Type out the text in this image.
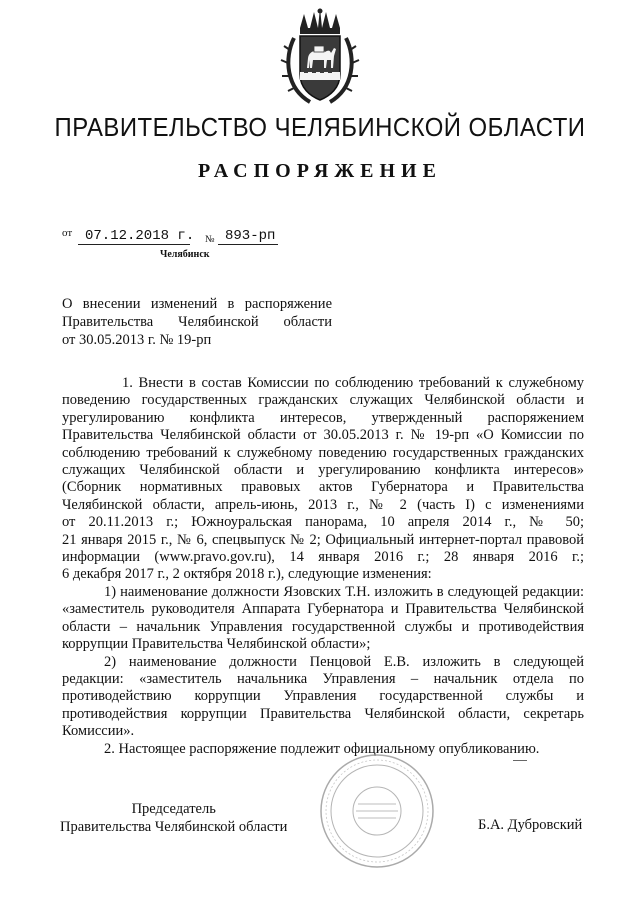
ПРАВИТЕЛЬСТВО ЧЕЛЯБИНСКОЙ ОБЛАСТИ
РАСПОРЯЖЕНИЕ
от 07.12.2018 г. № 893-рп
Челябинск
О внесении изменений в распоряжение
Правительства Челябинской области
от 30.05.2013 г. № 19-рп
1. Внести в состав Комиссии по соблюдению требований к служебному
поведению государственных гражданских служащих Челябинской области и
урегулированию конфликта интересов, утвержденный распоряжением
Правительства Челябинской области от 30.05.2013 г. № 19-рп «О Комиссии по
соблюдению требований к служебному поведению государственных гражданских
служащих Челябинской области и урегулированию конфликта интересов»
(Сборник нормативных правовых актов Губернатора и Правительства
Челябинской области, апрель-июнь, 2013 г., № 2 (часть I) с изменениями
от 20.11.2013 г.; Южноуральская панорама, 10 апреля 2014 г., № 50;
21 января 2015 г., № 6, спецвыпуск № 2; Официальный интернет-портал правовой
информации (www.pravo.gov.ru), 14 января 2016 г.; 28 января 2016 г.;
6 декабря 2017 г., 2 октября 2018 г.), следующие изменения:
1) наименование должности Язовских Т.Н. изложить в следующей редакции:
«заместитель руководителя Аппарата Губернатора и Правительства Челябинской
области – начальник Управления государственной службы и противодействия
коррупции Правительства Челябинской области»;
2) наименование должности Пенцовой Е.В. изложить в следующей
редакции: «заместитель начальника Управления – начальник отдела по
противодействию коррупции Управления государственной службы и
противодействия коррупции Правительства Челябинской области, секретарь
Комиссии».
2. Настоящее распоряжение подлежит официальному опубликованию.
Председатель
Правительства Челябинской области	Б.А. Дубровский
